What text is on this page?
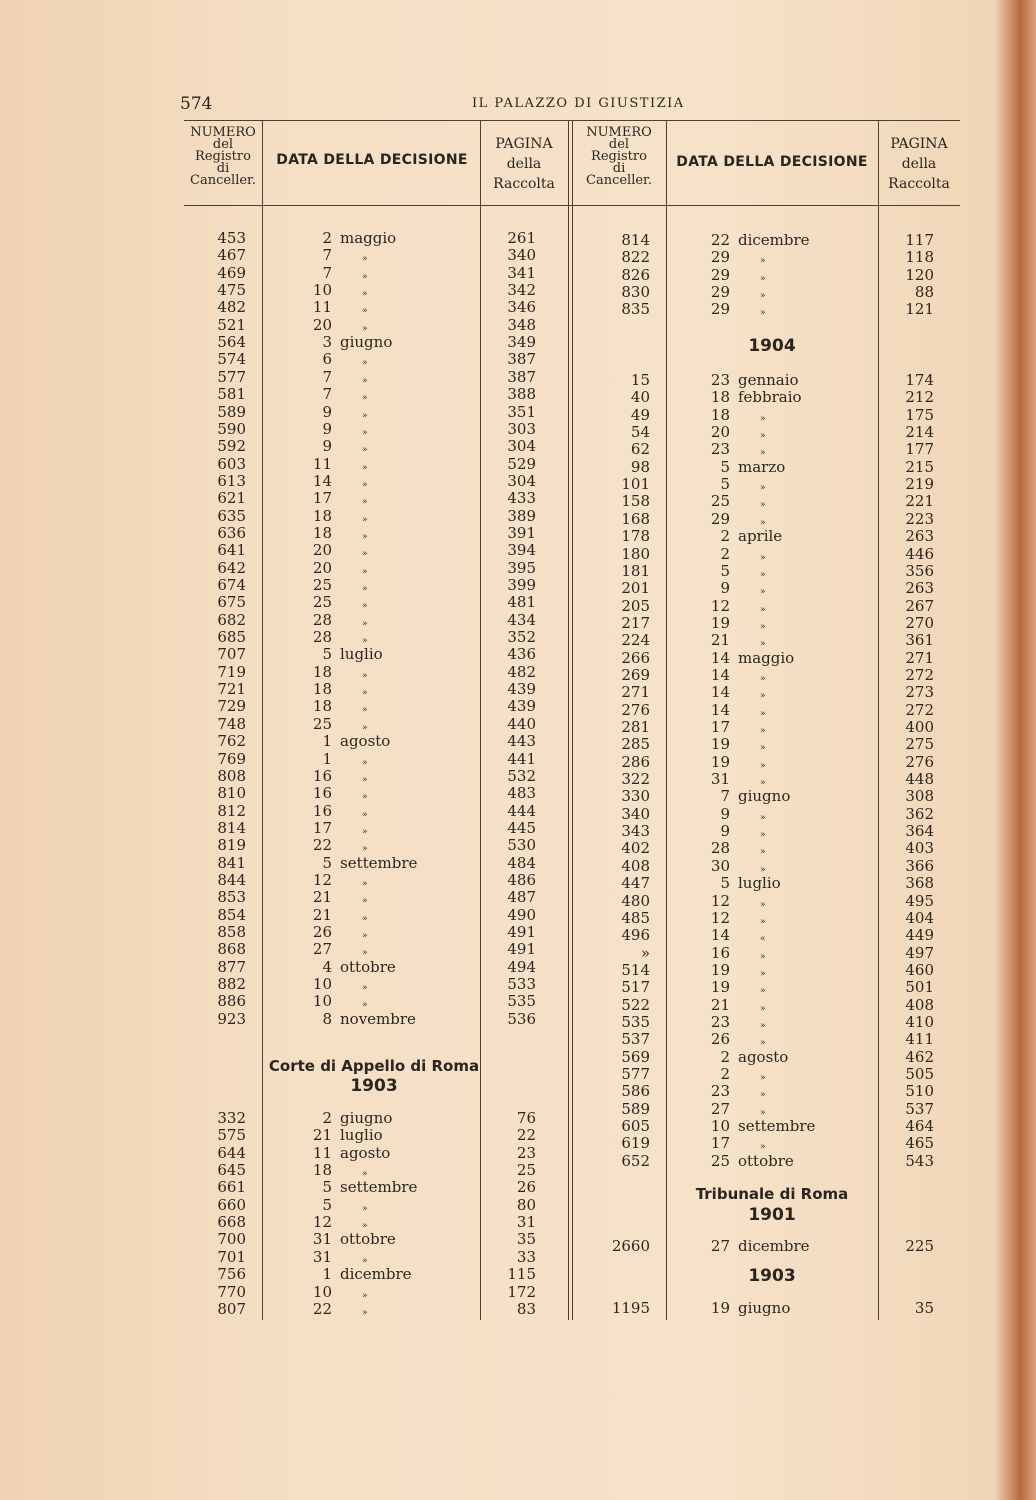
574	IL PALAZZO DI GIUSTIZIA
NUMERO
del
Registro
di
Canceller.
DATA DELLA DECISIONE
PAGINA
della
Raccolta
NUMERO
del
Registro
di
Canceller.
DATA DELLA DECISIONE
PAGINA
della
Raccolta
Corte di Appello di Roma
1903
1904
Tribunale di Roma
1901
1903
453	2 maggio	261
467	7	»	340
469	7	»	341
475	10	»	342
482	11	»	346
521	20	»	348
564	3 giugno	349
574	6	»	387
577	7	»	387
581	7	»	388
589	9	»	351
590	9	»	303
592	9	»	304
603	11	»	529
613	14	»	304
621	17	»	433
635	18	»	389
636	18	»	391
641	20	»	394
642	20	»	395
674	25	»	399
675	25	»	481
682	28	»	434
685	28	»	352
707	5 luglio	436
719	18	»	482
721	18	»	439
729	18	»	439
748	25	»	440
762	1 agosto	443
769	1	»	441
808	16	»	532
810	16	»	483
812	16	»	444
814	17	»	445
819	22	»	530
841	5 settembre	484
844	12	»	486
853	21	»	487
854	21	»	490
858	26	»	491
868	27	»	491
877	4 ottobre	494
882	10	»	533
886	10	»	535
923	8 novembre	536
332	2 giugno	76
575	21 luglio	22
644	11 agosto	23
645	18	»	25
661	5 settembre	26
660	5	»	80
668	12	»	31
700	31 ottobre	35
701	31	»	33
756	1 dicembre	115
770	10	»	172
807	22	»	83
814	22 dicembre	117
822	29	»	118
826	29	»	120
830	29	»	88
835	29	»	121
15	23 gennaio	174
40	18 febbraio	212
49	18	»	175
54	20	»	214
62	23	»	177
98	5 marzo	215
101	5	»	219
158	25	»	221
168	29	»	223
178	2 aprile	263
180	2	»	446
181	5	»	356
201	9	»	263
205	12	»	267
217	19	»	270
224	21	»	361
266	14 maggio	271
269	14	»	272
271	14	»	273
276	14	»	272
281	17	»	400
285	19	»	275
286	19	»	276
322	31	»	448
330	7 giugno	308
340	9	»	362
343	9	»	364
402	28	»	403
408	30	»	366
447	5 luglio	368
480	12	»	495
485	12	»	404
496	14	«	449
»	16	»	497
514	19	»	460
517	19	»	501
522	21	»	408
535	23	»	410
537	26	»	411
569	2 agosto	462
577	2	»	505
586	23	»	510
589	27	»	537
605	10 settembre	464
619	17	»	465
652	25 ottobre	543
2660	27 dicembre	225
1195	19 giugno	35
